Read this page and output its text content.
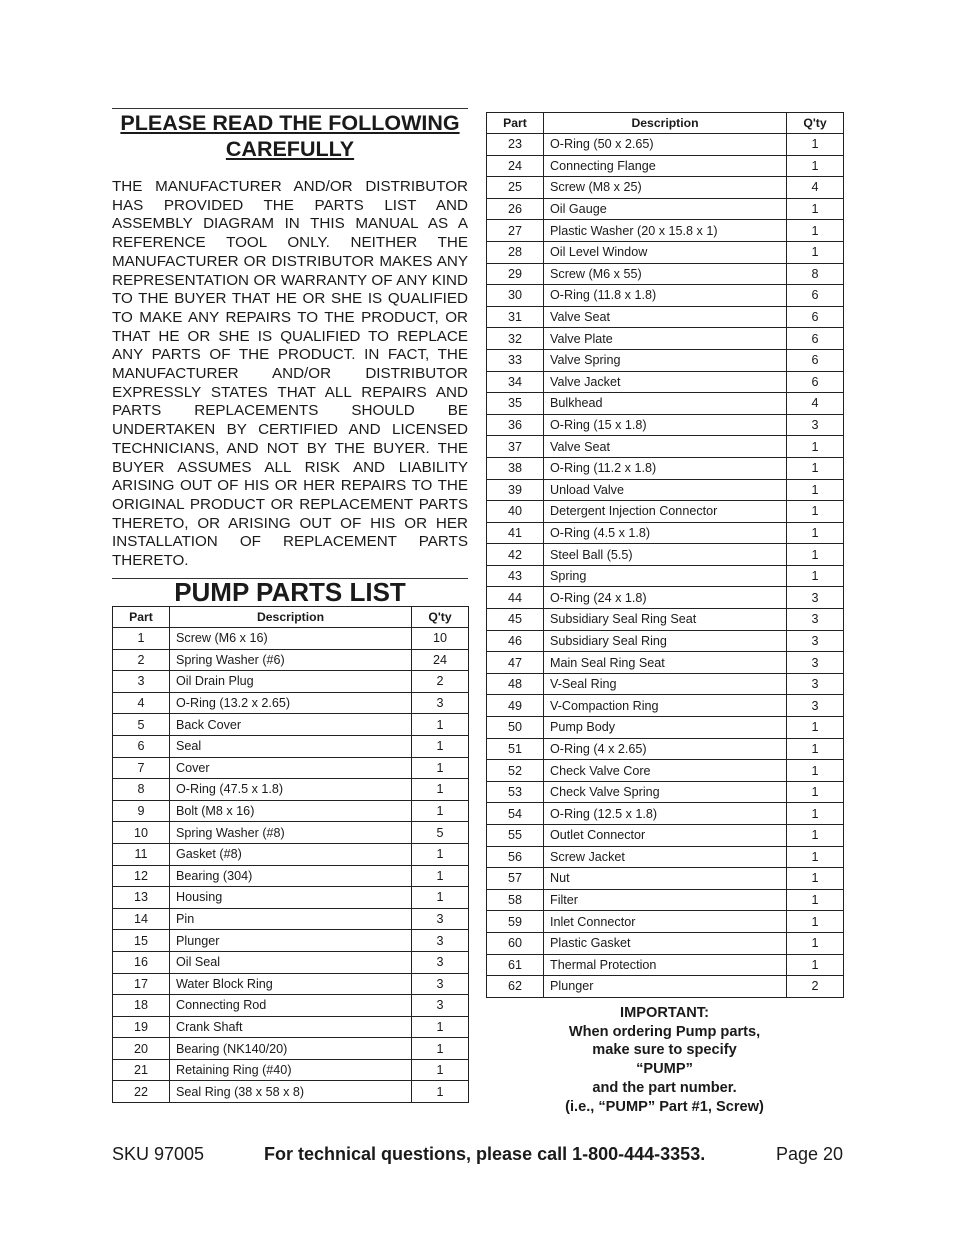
PLEASE READ THE FOLLOWING
CAREFULLY

THE MANUFACTURER AND/OR DISTRIBUTOR HAS PROVIDED THE PARTS LIST AND ASSEMBLY DIAGRAM IN THIS MANUAL AS A REFERENCE TOOL ONLY. NEITHER THE MANUFACTURER OR DISTRIBUTOR MAKES ANY REPRESENTATION OR WARRANTY OF ANY KIND TO THE BUYER THAT HE OR SHE IS QUALIFIED TO MAKE ANY REPAIRS TO THE PRODUCT, OR THAT HE OR SHE IS QUALIFIED TO REPLACE ANY PARTS OF THE PRODUCT. IN FACT, THE MANUFACTURER AND/OR DISTRIBUTOR EXPRESSLY STATES THAT ALL REPAIRS AND PARTS REPLACEMENTS SHOULD BE UNDERTAKEN BY CERTIFIED AND LICENSED TECHNICIANS, AND NOT BY THE BUYER. THE BUYER ASSUMES ALL RISK AND LIABILITY ARISING OUT OF HIS OR HER REPAIRS TO THE ORIGINAL PRODUCT OR REPLACEMENT PARTS THERETO, OR ARISING OUT OF HIS OR HER INSTALLATION OF REPLACEMENT PARTS THERETO.

PUMP PARTS LIST
Part	Description	Q'ty
1	Screw (M6 x 16)	10
2	Spring Washer (#6)	24
3	Oil Drain Plug	2
4	O-Ring (13.2 x 2.65)	3
5	Back Cover	1
6	Seal	1
7	Cover	1
8	O-Ring (47.5 x 1.8)	1
9	Bolt (M8 x 16)	1
10	Spring Washer (#8)	5
11	Gasket (#8)	1
12	Bearing (304)	1
13	Housing	1
14	Pin	3
15	Plunger	3
16	Oil Seal	3
17	Water Block Ring	3
18	Connecting Rod	3
19	Crank Shaft	1
20	Bearing (NK140/20)	1
21	Retaining Ring (#40)	1
22	Seal Ring (38 x 58 x 8)	1
Part	Description	Q'ty
23	O-Ring (50 x 2.65)	1
24	Connecting Flange	1
25	Screw (M8 x 25)	4
26	Oil Gauge	1
27	Plastic Washer (20 x 15.8 x 1)	1
28	Oil Level Window	1
29	Screw (M6 x 55)	8
30	O-Ring (11.8 x 1.8)	6
31	Valve Seat	6
32	Valve Plate	6
33	Valve Spring	6
34	Valve Jacket	6
35	Bulkhead	4
36	O-Ring (15 x 1.8)	3
37	Valve Seat	1
38	O-Ring (11.2 x 1.8)	1
39	Unload Valve	1
40	Detergent Injection Connector	1
41	O-Ring (4.5 x 1.8)	1
42	Steel Ball (5.5)	1
43	Spring	1
44	O-Ring (24 x 1.8)	3
45	Subsidiary Seal Ring Seat	3
46	Subsidiary Seal Ring	3
47	Main Seal Ring Seat	3
48	V-Seal Ring	3
49	V-Compaction Ring	3
50	Pump Body	1
51	O-Ring (4 x 2.65)	1
52	Check Valve Core	1
53	Check Valve Spring	1
54	O-Ring (12.5 x 1.8)	1
55	Outlet Connector	1
56	Screw Jacket	1
57	Nut	1
58	Filter	1
59	Inlet Connector	1
60	Plastic Gasket	1
61	Thermal Protection	1
62	Plunger	2
IMPORTANT:
When ordering Pump parts,
make sure to specify
“PUMP”
and the part number.
(i.e., “PUMP” Part #1, Screw)
SKU 97005	For technical questions, please call 1-800-444-3353.	Page 20
